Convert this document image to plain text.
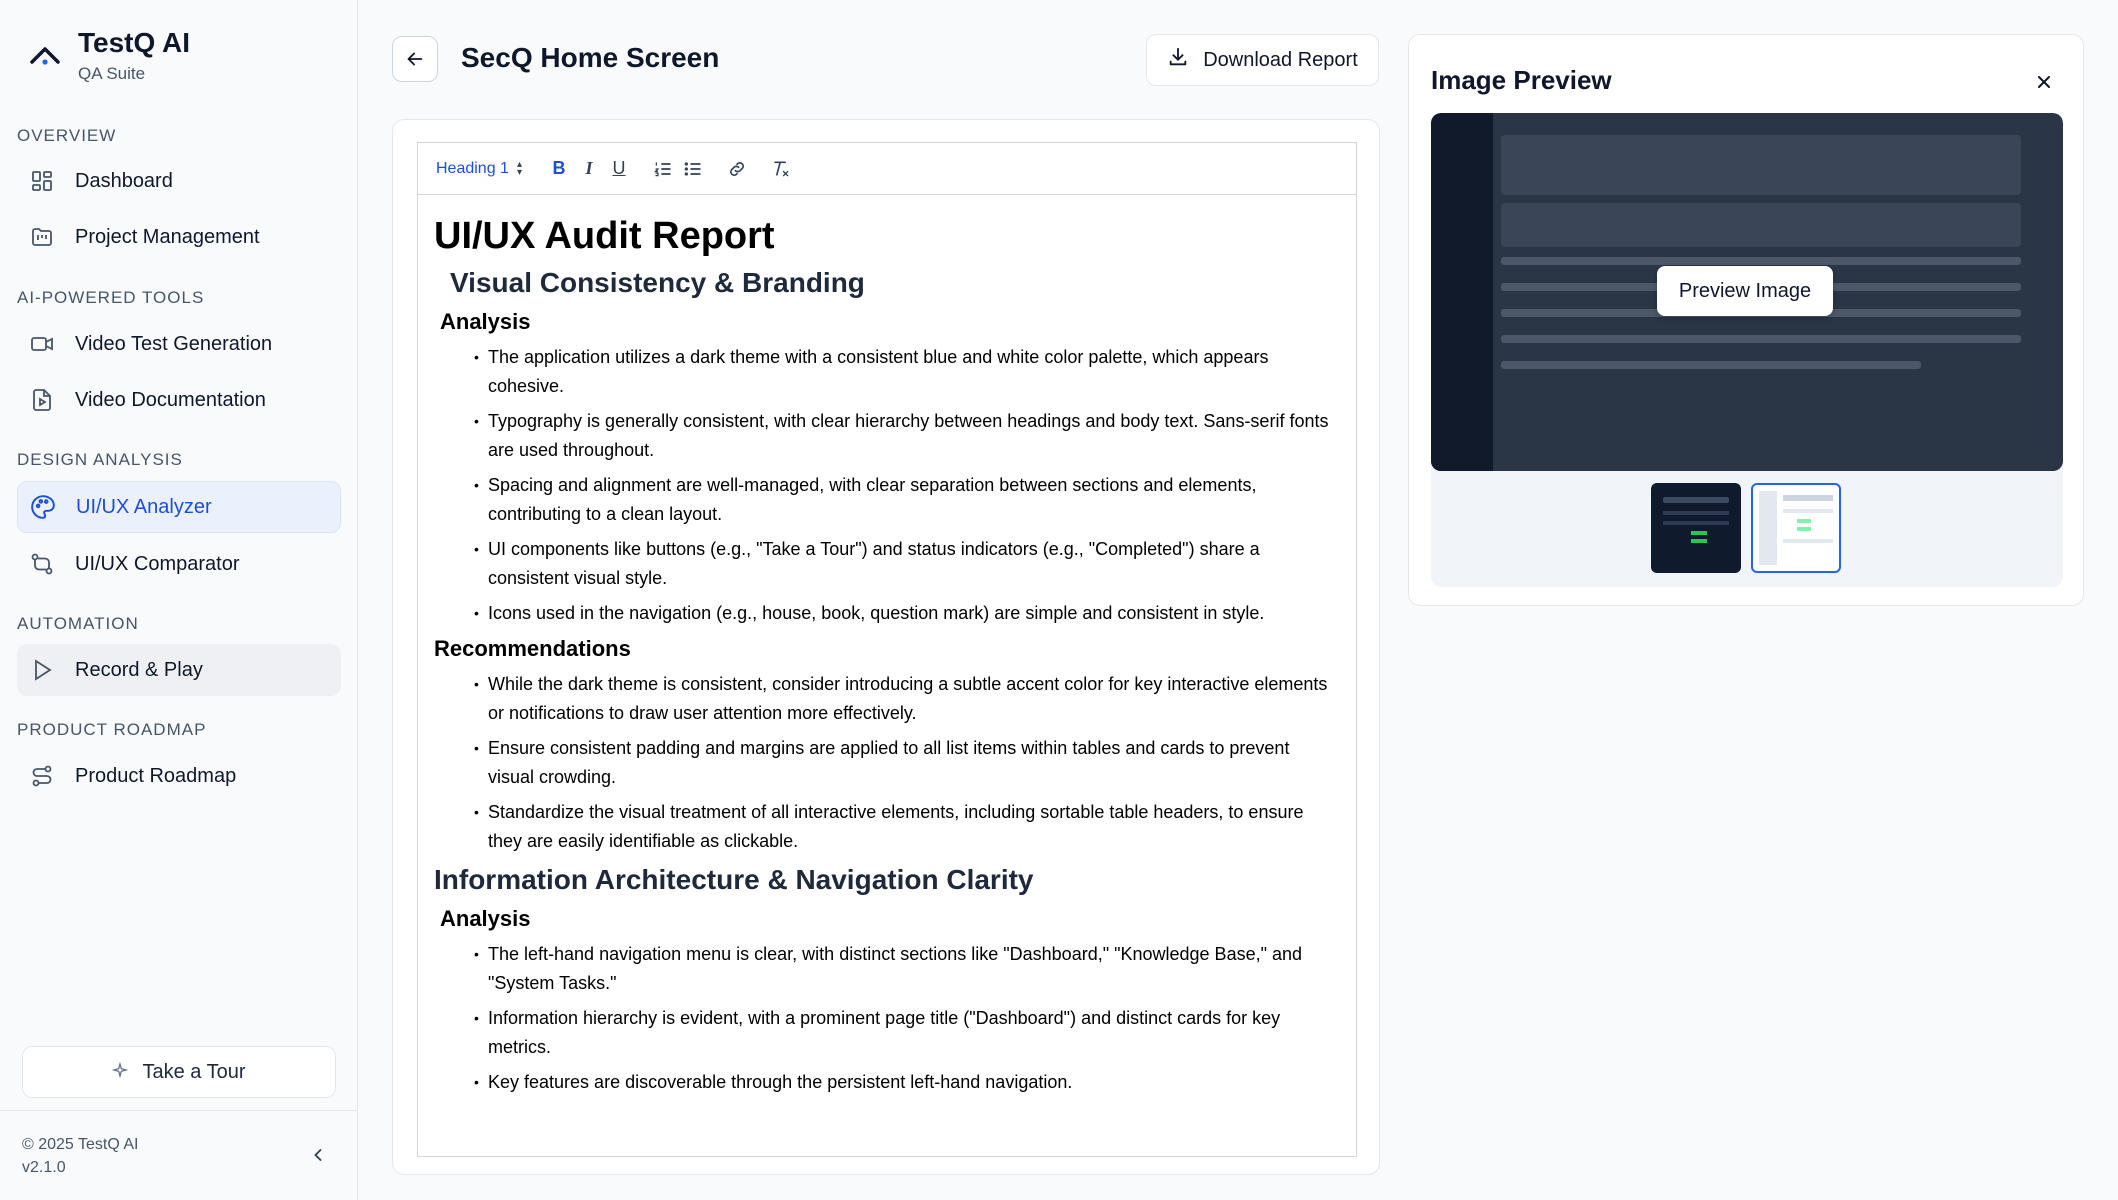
TestQ AI
QA Suite
OVERVIEW
Dashboard
Project Management
AI-POWERED TOOLS
Video Test Generation
Video Documentation
DESIGN ANALYSIS
UI/UX Analyzer
UI/UX Comparator
AUTOMATION
Record & Play
PRODUCT ROADMAP
Product Roadmap
Take a Tour
© 2025 TestQ AI
v2.1.0
SecQ Home Screen	Download Report
Heading 1 ▴
▾ B I U
UI/UX Audit Report
Visual Consistency & Branding
Analysis
• The application utilizes a dark theme with a consistent blue and white color palette, which appears cohesive.
• Typography is generally consistent, with clear hierarchy between headings and body text. Sans-serif fonts are used throughout.
• Spacing and alignment are well-managed, with clear separation between sections and elements, contributing to a clean layout.
• UI components like buttons (e.g., "Take a Tour") and status indicators (e.g., "Completed") share a consistent visual style.
• Icons used in the navigation (e.g., house, book, question mark) are simple and consistent in style.
Recommendations
• While the dark theme is consistent, consider introducing a subtle accent color for key interactive elements or notifications to draw user attention more effectively.
• Ensure consistent padding and margins are applied to all list items within tables and cards to prevent visual crowding.
• Standardize the visual treatment of all interactive elements, including sortable table headers, to ensure they are easily identifiable as clickable.
Information Architecture & Navigation Clarity
Analysis
• The left-hand navigation menu is clear, with distinct sections like "Dashboard," "Knowledge Base," and "System Tasks."
• Information hierarchy is evident, with a prominent page title ("Dashboard") and distinct cards for key metrics.
• Key features are discoverable through the persistent left-hand navigation.
Image Preview
Preview Image
